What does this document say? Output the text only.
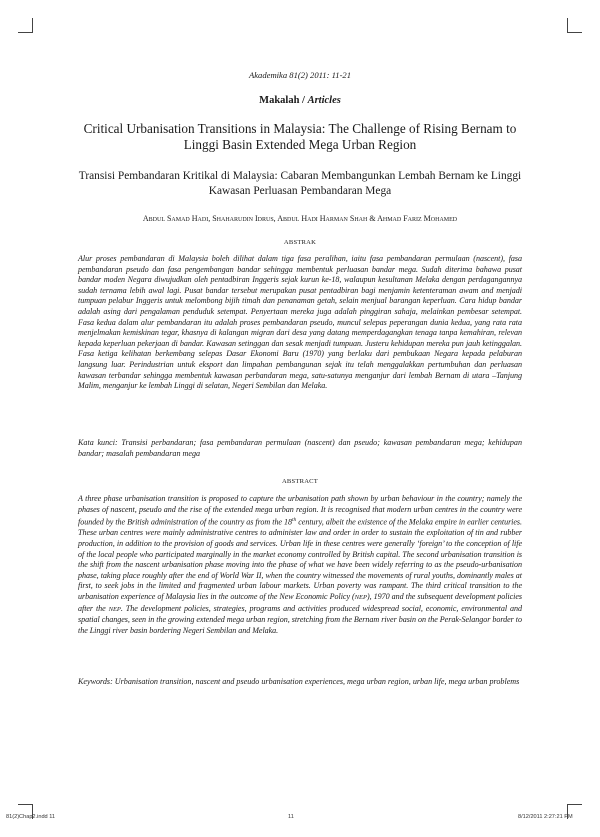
Akademika 81(2) 2011: 11-21
Makalah / Articles
Critical Urbanisation Transitions in Malaysia: The Challenge of Rising Bernam to Linggi Basin Extended Mega Urban Region
Transisi Pembandaran Kritikal di Malaysia: Cabaran Membangunkan Lembah Bernam ke Linggi Kawasan Perluasan Pembandaran Mega
Abdul Samad Hadi, Shaharudin Idrus, Abdul Hadi Harman Shah & Ahmad Fariz Mohamed
ABSTRAK
Alur proses pembandaran di Malaysia boleh dilihat dalam tiga fasa peralihan, iaitu fasa pembandaran permulaan (nascent), fasa pembandaran pseudo dan fasa pengembangan bandar sehingga membentuk perluasan bandar mega. Sudah diterima bahawa pusat bandar moden Negara diwujudkan oleh pentadbiran Inggeris sejak kurun ke-18, walaupun kesultanan Melaka dengan perdagangannya sudah ternama lebih awal lagi. Pusat bandar tersebut merupakan pusat pentadbiran bagi menjamin ketenteraman awam and menjadi tumpuan pelabur Inggeris untuk melombong bijih timah dan penanaman getah, selain menjual barangan keperluan. Cara hidup bandar adalah asing dari pengalaman penduduk setempat. Penyertaan mereka juga adalah pinggiran sahaja, melainkan pembesar setempat. Fasa kedua dalam alur pembandaran itu adalah proses pembandaran pseudo, muncul selepas peperangan dunia kedua, yang rata rata menjelmakan kemiskinan tegar, khasnya di kalangan migran dari desa yang datang memperdagangkan tenaga tanpa kemahiran, relevan kepada keperluan pekerjaan di bandar. Kawasan setinggan dan sesak menjadi tumpuan. Justeru kehidupan mereka pun jauh ketinggalan. Fasa ketiga kelihatan berkembang selepas Dasar Ekonomi Baru (1970) yang berlaku dari pembukaan Negara kepada pelaburan langsung luar. Perindustrian untuk eksport dan limpahan pembangunan sejak itu telah menggalakkan pertumbuhan dan perluasan kawasan terbandar sehingga membentuk kawasan perbandaran mega, satu-satunya menganjur dari lembah Bernam di utara –Tanjung Malim, menganjur ke lembah Linggi di selatan, Negeri Sembilan dan Melaka.
Kata kunci: Transisi perbandaran; fasa pembandaran permulaan (nascent) dan pseudo; kawasan pembandaran mega; kehidupan bandar; masalah pembandaran mega
ABSTRACT
A three phase urbanisation transition is proposed to capture the urbanisation path shown by urban behaviour in the country; namely the phases of nascent, pseudo and the rise of the extended mega urban region. It is recognised that modern urban centres in the country were founded by the British administration of the country as from the 18th century, albeit the existence of the Melaka empire in earlier centuries. These urban centres were mainly administrative centres to administer law and order in order to sustain the exploitation of tin and rubber production, in addition to the provision of goods and services. Urban life in these centres were generally ‘foreign’ to the conception of life of the local people who participated marginally in the market economy controlled by British capital. The second urbanisation transition is the shift from the nascent urbanisation phase moving into the phase of what we have been widely referring to as the pseudo-urbanisation phase, taking place roughly after the end of World War II, when the country witnessed the movements of rural youths, dominantly males at first, to seek jobs in the limited and fragmented urban labour markets. Urban poverty was rampant. The third critical transition to the urbanisation experience of Malaysia lies in the outcome of the New Economic Policy (NEP), 1970 and the subsequent development policies after the NEP. The development policies, strategies, programs and activities produced widespread social, economic, environmental and spatial changes, seen in the growing extended mega urban region, stretching from the Bernam river basin on the Perak-Selangor border to the Linggi river basin bordering Negeri Sembilan and Melaka.
Keywords: Urbanisation transition, nascent and pseudo urbanisation experiences, mega urban region, urban life, mega urban problems
81(2)Chap2.indd 11	11	8/12/2011 2:27:21 PM
